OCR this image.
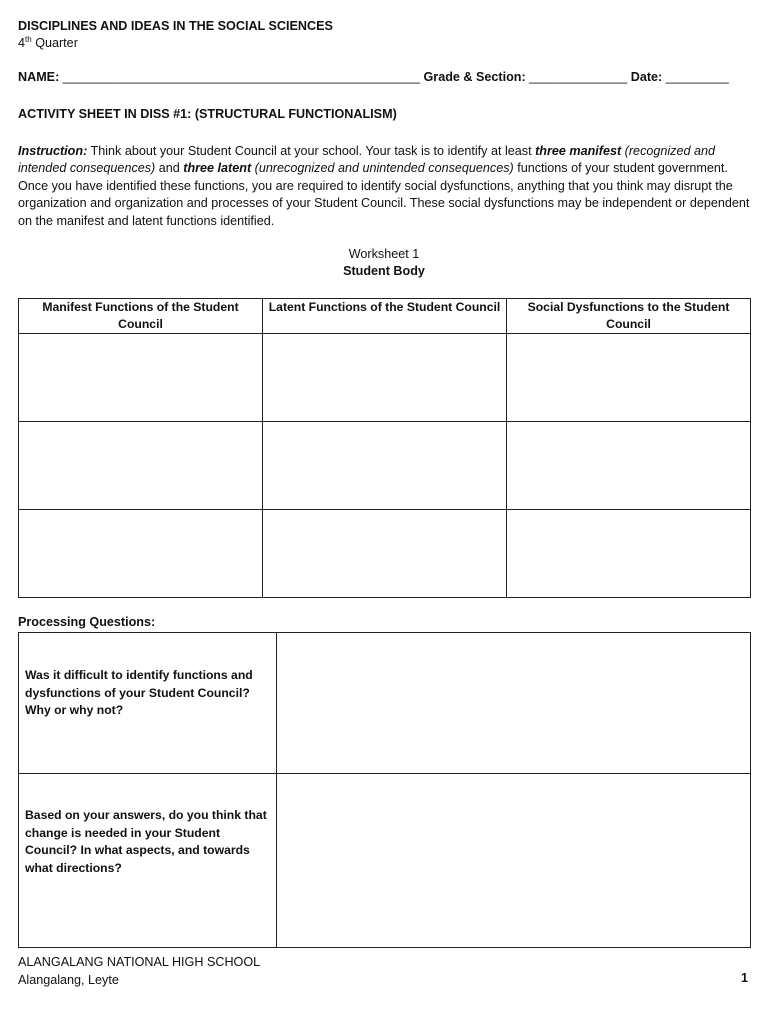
DISCIPLINES AND IDEAS IN THE SOCIAL SCIENCES
4th Quarter
NAME: ___________________________________________________ Grade & Section: ______________ Date: _________
ACTIVITY SHEET IN DISS #1: (STRUCTURAL FUNCTIONALISM)
Instruction: Think about your Student Council at your school. Your task is to identify at least three manifest (recognized and intended consequences) and three latent (unrecognized and unintended consequences) functions of your student government. Once you have identified these functions, you are required to identify social dysfunctions, anything that you think may disrupt the organization and organization and processes of your Student Council. These social dysfunctions may be independent or dependent on the manifest and latent functions identified.
Worksheet 1
Student Body
Manifest Functions of the Student Council	Latent Functions of the Student Council	Social Dysfunctions to the Student Council

Processing Questions:
Was it difficult to identify functions and dysfunctions of your Student Council? Why or why not?	

Based on your answers, do you think that change is needed in your Student Council? In what aspects, and towards what directions?	

ALANGALANG NATIONAL HIGH SCHOOL
Alangalang, Leyte	1
